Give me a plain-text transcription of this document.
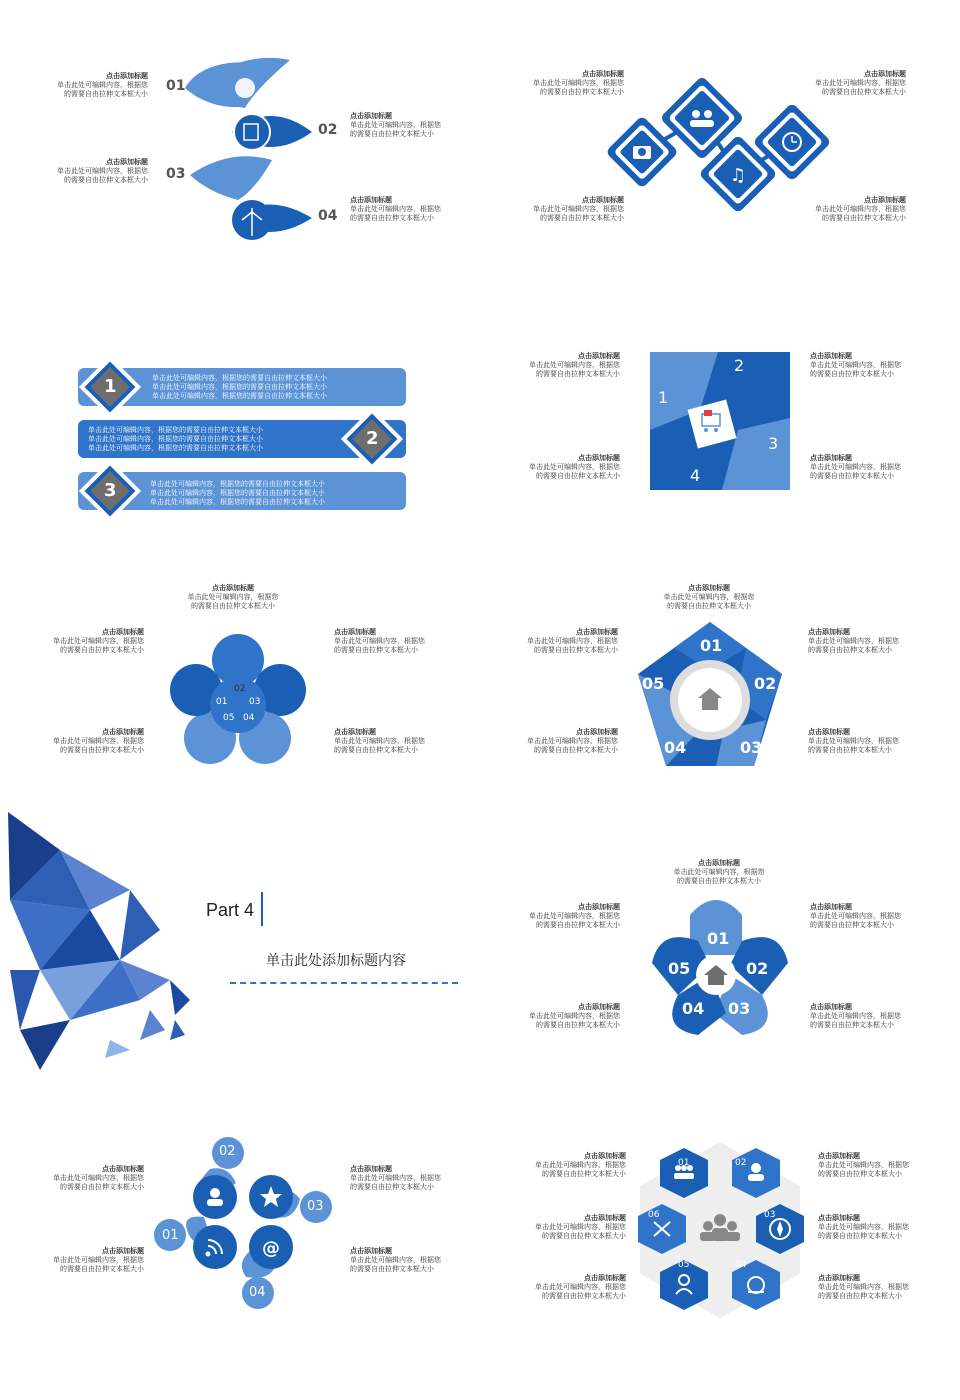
01
02
03
04
点击添加标题
单击此处可编辑内容，根据您
的需要自由拉伸文本框大小
点击添加标题
单击此处可编辑内容，根据您
的需要自由拉伸文本框大小
点击添加标题
单击此处可编辑内容，根据您
的需要自由拉伸文本框大小
点击添加标题
单击此处可编辑内容，根据您
的需要自由拉伸文本框大小
♫
点击添加标题
单击此处可编辑内容，根据您
的需要自由拉伸文本框大小
点击添加标题
单击此处可编辑内容，根据您
的需要自由拉伸文本框大小
点击添加标题
单击此处可编辑内容，根据您
的需要自由拉伸文本框大小
点击添加标题
单击此处可编辑内容，根据您
的需要自由拉伸文本框大小
1
2
3
单击此处可编辑内容，根据您的需要自由拉伸文本框大小
单击此处可编辑内容，根据您的需要自由拉伸文本框大小
单击此处可编辑内容，根据您的需要自由拉伸文本框大小
单击此处可编辑内容，根据您的需要自由拉伸文本框大小
单击此处可编辑内容，根据您的需要自由拉伸文本框大小
单击此处可编辑内容，根据您的需要自由拉伸文本框大小
单击此处可编辑内容，根据您的需要自由拉伸文本框大小
单击此处可编辑内容，根据您的需要自由拉伸文本框大小
单击此处可编辑内容，根据您的需要自由拉伸文本框大小
1
2
3
4
点击添加标题
单击此处可编辑内容，根据您
的需要自由拉伸文本框大小
点击添加标题
单击此处可编辑内容，根据您
的需要自由拉伸文本框大小
点击添加标题
单击此处可编辑内容，根据您
的需要自由拉伸文本框大小
点击添加标题
单击此处可编辑内容，根据您
的需要自由拉伸文本框大小
01
02
03
04
05
点击添加标题
单击此处可编辑内容，根据您
的需要自由拉伸文本框大小
点击添加标题
单击此处可编辑内容，根据您
的需要自由拉伸文本框大小
点击添加标题
单击此处可编辑内容，根据您
的需要自由拉伸文本框大小
点击添加标题
单击此处可编辑内容，根据您
的需要自由拉伸文本框大小
点击添加标题
单击此处可编辑内容，根据您
的需要自由拉伸文本框大小
01
02
03
04
05
点击添加标题
单击此处可编辑内容，根据您
的需要自由拉伸文本框大小
点击添加标题
单击此处可编辑内容，根据您
的需要自由拉伸文本框大小
点击添加标题
单击此处可编辑内容，根据您
的需要自由拉伸文本框大小
点击添加标题
单击此处可编辑内容，根据您
的需要自由拉伸文本框大小
点击添加标题
单击此处可编辑内容，根据您
的需要自由拉伸文本框大小
Part 4
单击此处添加标题内容
01
02
03
04
05
点击添加标题
单击此处可编辑内容，根据您
的需要自由拉伸文本框大小
点击添加标题
单击此处可编辑内容，根据您
的需要自由拉伸文本框大小
点击添加标题
单击此处可编辑内容，根据您
的需要自由拉伸文本框大小
点击添加标题
单击此处可编辑内容，根据您
的需要自由拉伸文本框大小
点击添加标题
单击此处可编辑内容，根据您
的需要自由拉伸文本框大小
@
01
02
03
04
点击添加标题
单击此处可编辑内容，根据您
的需要自由拉伸文本框大小
点击添加标题
单击此处可编辑内容，根据您
的需要自由拉伸文本框大小
点击添加标题
单击此处可编辑内容，根据您
的需要自由拉伸文本框大小
点击添加标题
单击此处可编辑内容，根据您
的需要自由拉伸文本框大小
01	02
03
04
05
06
点击添加标题
单击此处可编辑内容，根据您
的需要自由拉伸文本框大小
点击添加标题
单击此处可编辑内容，根据您
的需要自由拉伸文本框大小
点击添加标题
单击此处可编辑内容，根据您
的需要自由拉伸文本框大小
点击添加标题
单击此处可编辑内容，根据您
的需要自由拉伸文本框大小
点击添加标题
单击此处可编辑内容，根据您
的需要自由拉伸文本框大小
点击添加标题
单击此处可编辑内容，根据您
的需要自由拉伸文本框大小
